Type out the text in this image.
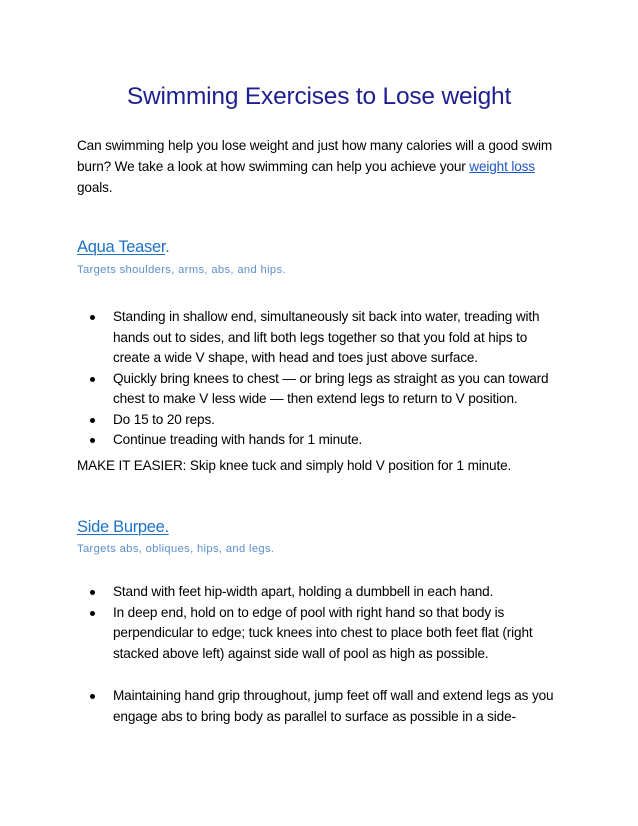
Swimming Exercises to Lose weight
Can swimming help you lose weight and just how many calories will a good swim burn? We take a look at how swimming can help you achieve your weight loss goals.
Aqua Teaser.
Targets shoulders, arms, abs, and hips.
Standing in shallow end, simultaneously sit back into water, treading with hands out to sides, and lift both legs together so that you fold at hips to create a wide V shape, with head and toes just above surface.
Quickly bring knees to chest — or bring legs as straight as you can toward chest to make V less wide — then extend legs to return to V position.
Do 15 to 20 reps.
Continue treading with hands for 1 minute.
MAKE IT EASIER: Skip knee tuck and simply hold V position for 1 minute.
Side Burpee.
Targets abs, obliques, hips, and legs.
Stand with feet hip-width apart, holding a dumbbell in each hand.
In deep end, hold on to edge of pool with right hand so that body is perpendicular to edge; tuck knees into chest to place both feet flat (right stacked above left) against side wall of pool as high as possible.
Maintaining hand grip throughout, jump feet off wall and extend legs as you engage abs to bring body as parallel to surface as possible in a side-
